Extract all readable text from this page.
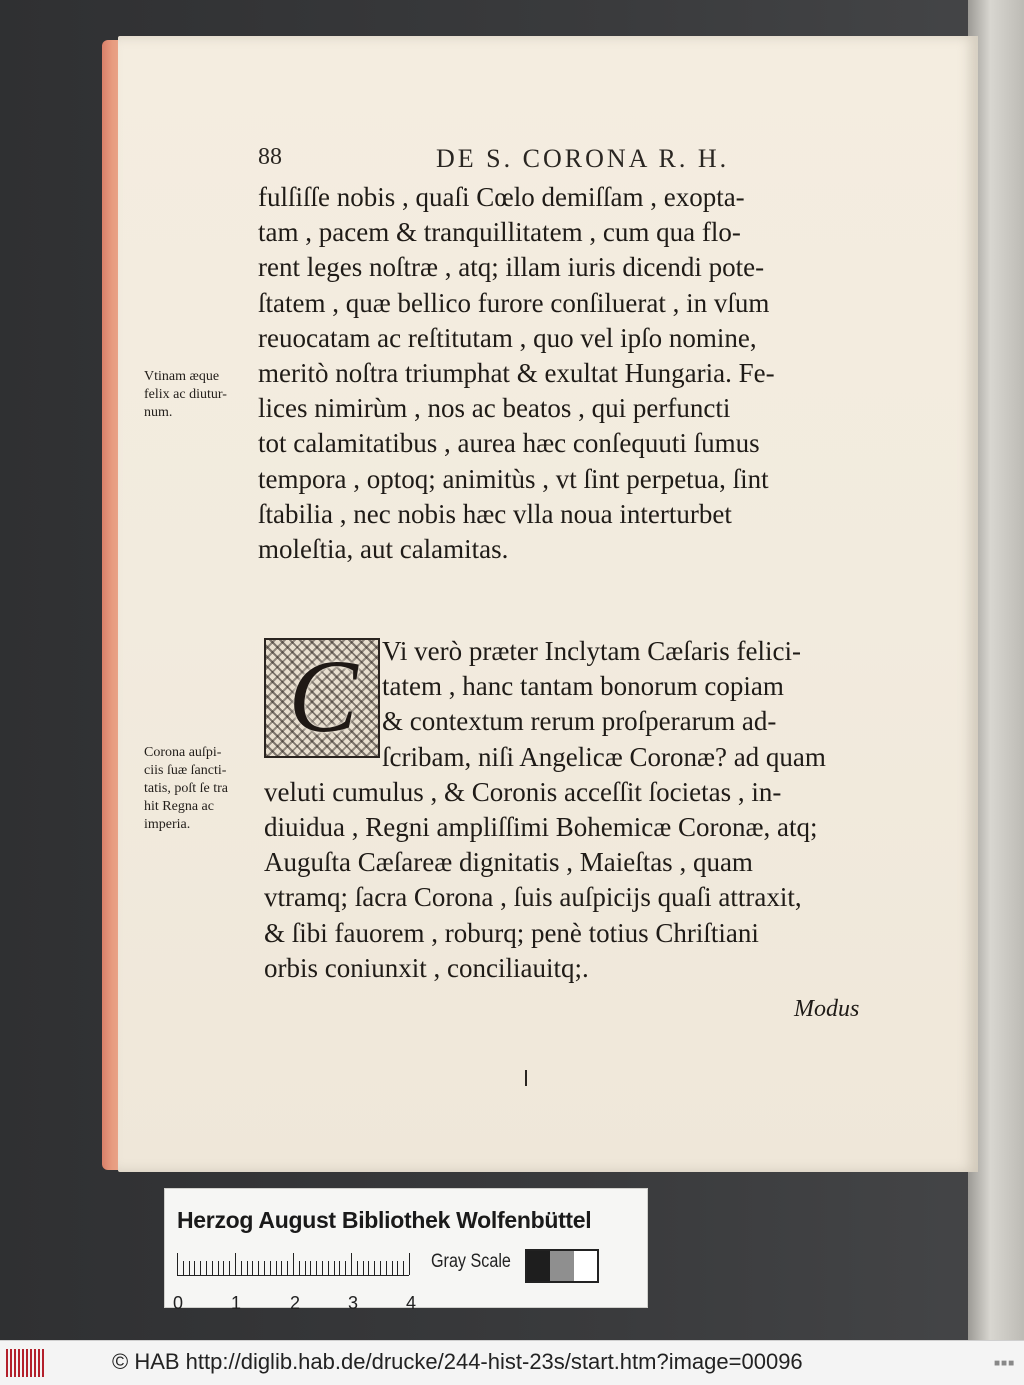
88	DE S. CORONA R. H.
fulſiſſe nobis , quaſi Cœlo demiſſam , exopta-
tam , pacem & tranquillitatem , cum qua flo-
rent leges noſtræ , atq; illam iuris dicendi pote-
ſtatem , quæ bellico furore conſiluerat , in vſum
reuocatam ac reſtitutam , quo vel ipſo nomine,
meritò noſtra triumphat & exultat Hungaria. Fe-
lices nimirùm , nos ac beatos , qui perfuncti
tot calamitatibus , aurea hæc conſequuti ſumus
tempora , optoq; animitùs , vt ſint perpetua, ſint
ſtabilia , nec nobis hæc vlla noua interturbet
moleſtia, aut calamitas.
Vtinam æque
felix ac diutur-
num.
Corona auſpi-
ciis ſuæ ſancti-
tatis, poſt ſe tra
hit Regna ac
imperia.
C Vi verò præter Inclytam Cæſaris felici-
tatem , hanc tantam bonorum copiam
& contextum rerum proſperarum ad-
ſcribam, niſi Angelicæ Coronæ? ad quam
veluti cumulus , & Coronis acceſſit ſocietas , in-
diuidua , Regni ampliſſimi Bohemicæ Coronæ, atq;
Auguſta Cæſareæ dignitatis , Maieſtas , quam
vtramq; ſacra Corona , ſuis auſpicijs quaſi attraxit,
& ſibi fauorem , roburq; penè totius Chriſtiani
orbis coniunxit , conciliauitq;.
Modus
Herzog August Bibliothek Wolfenbüttel
0	1	2	3	4
Gray Scale
© HAB http://diglib.hab.de/drucke/244-hist-23s/start.htm?image=00096	■■■
